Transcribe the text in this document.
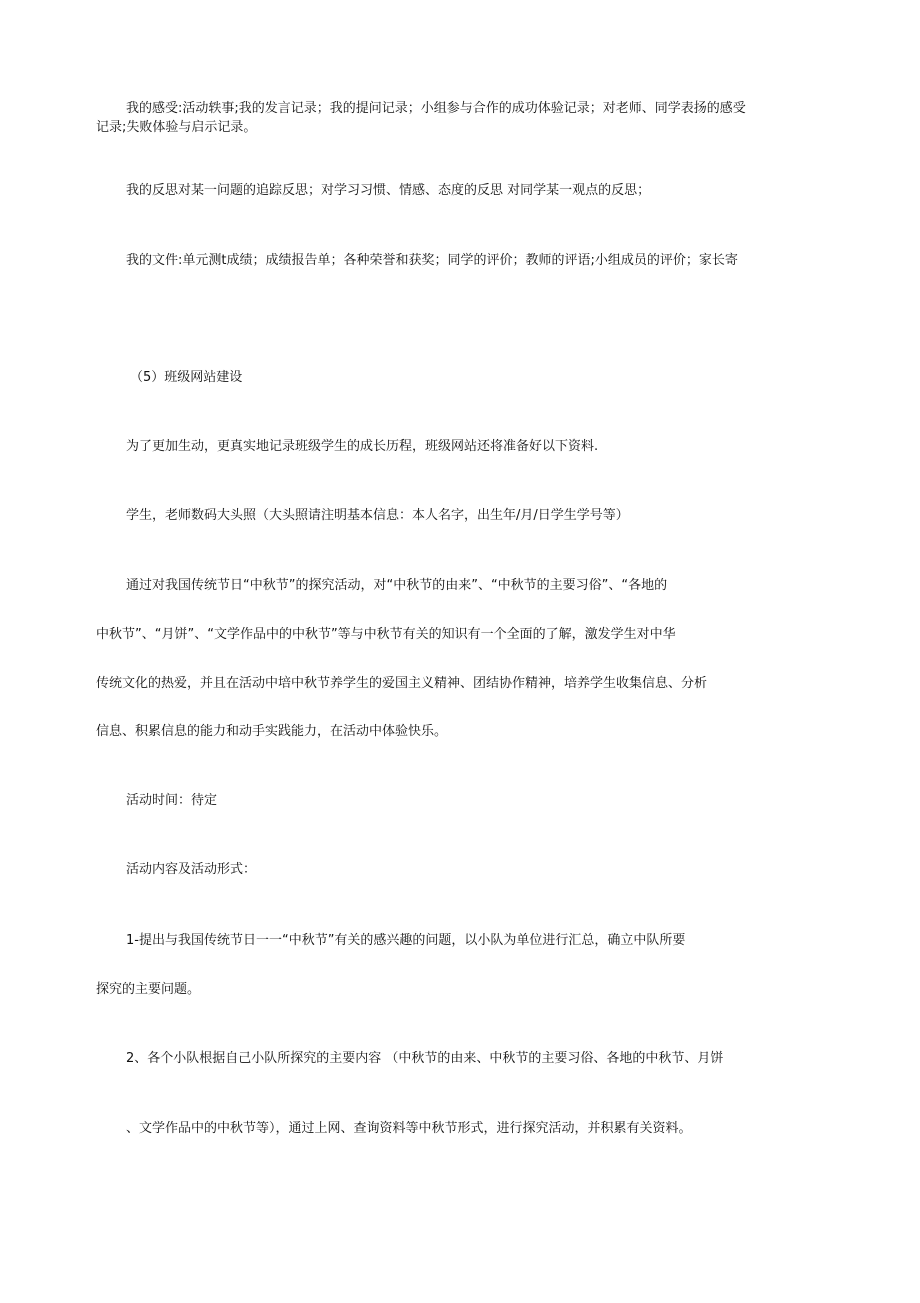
我的感受:活动轶事;我的发言记录；我的提问记录；小组参与合作的成功体验记录；对老师、同学表扬的感受
记录;失败体验与启示记录。
我的反思对某一问题的追踪反思；对学习习惯、情感、态度的反思 对同学某一观点的反思；
我的文件:单元测t成绩；成绩报告单；各种荣誉和获奖；同学的评价；教师的评语;小组成员的评价；家长寄
（5）班级网站建设
为了更加生动，更真实地记录班级学生的成长历程，班级网站还将准备好以下资料.
学生，老师数码大头照（大头照请注明基本信息：本人名字，出生年/月/日学生学号等）
通过对我国传统节日“中秋节”的探究活动，对“中秋节的由来”、“中秋节的主要习俗”、“各地的
中秋节”、“月饼”、“文学作品中的中秋节”等与中秋节有关的知识有一个全面的了解，激发学生对中华
传统文化的热爱，并且在活动中培中秋节养学生的爱国主义精神、团结协作精神，培养学生收集信息、分析
信息、积累信息的能力和动手实践能力，在活动中体验快乐。
活动时间：待定
活动内容及活动形式：
1-提出与我国传统节日一一“中秋节”有关的感兴趣的问题，以小队为单位进行汇总，确立中队所要
探究的主要问题。
2、各个小队根据自己小队所探究的主要内容 （中秋节的由来、中秋节的主要习俗、各地的中秋节、月饼
、文学作品中的中秋节等），通过上网、查询资料等中秋节形式，进行探究活动，并积累有关资料。
